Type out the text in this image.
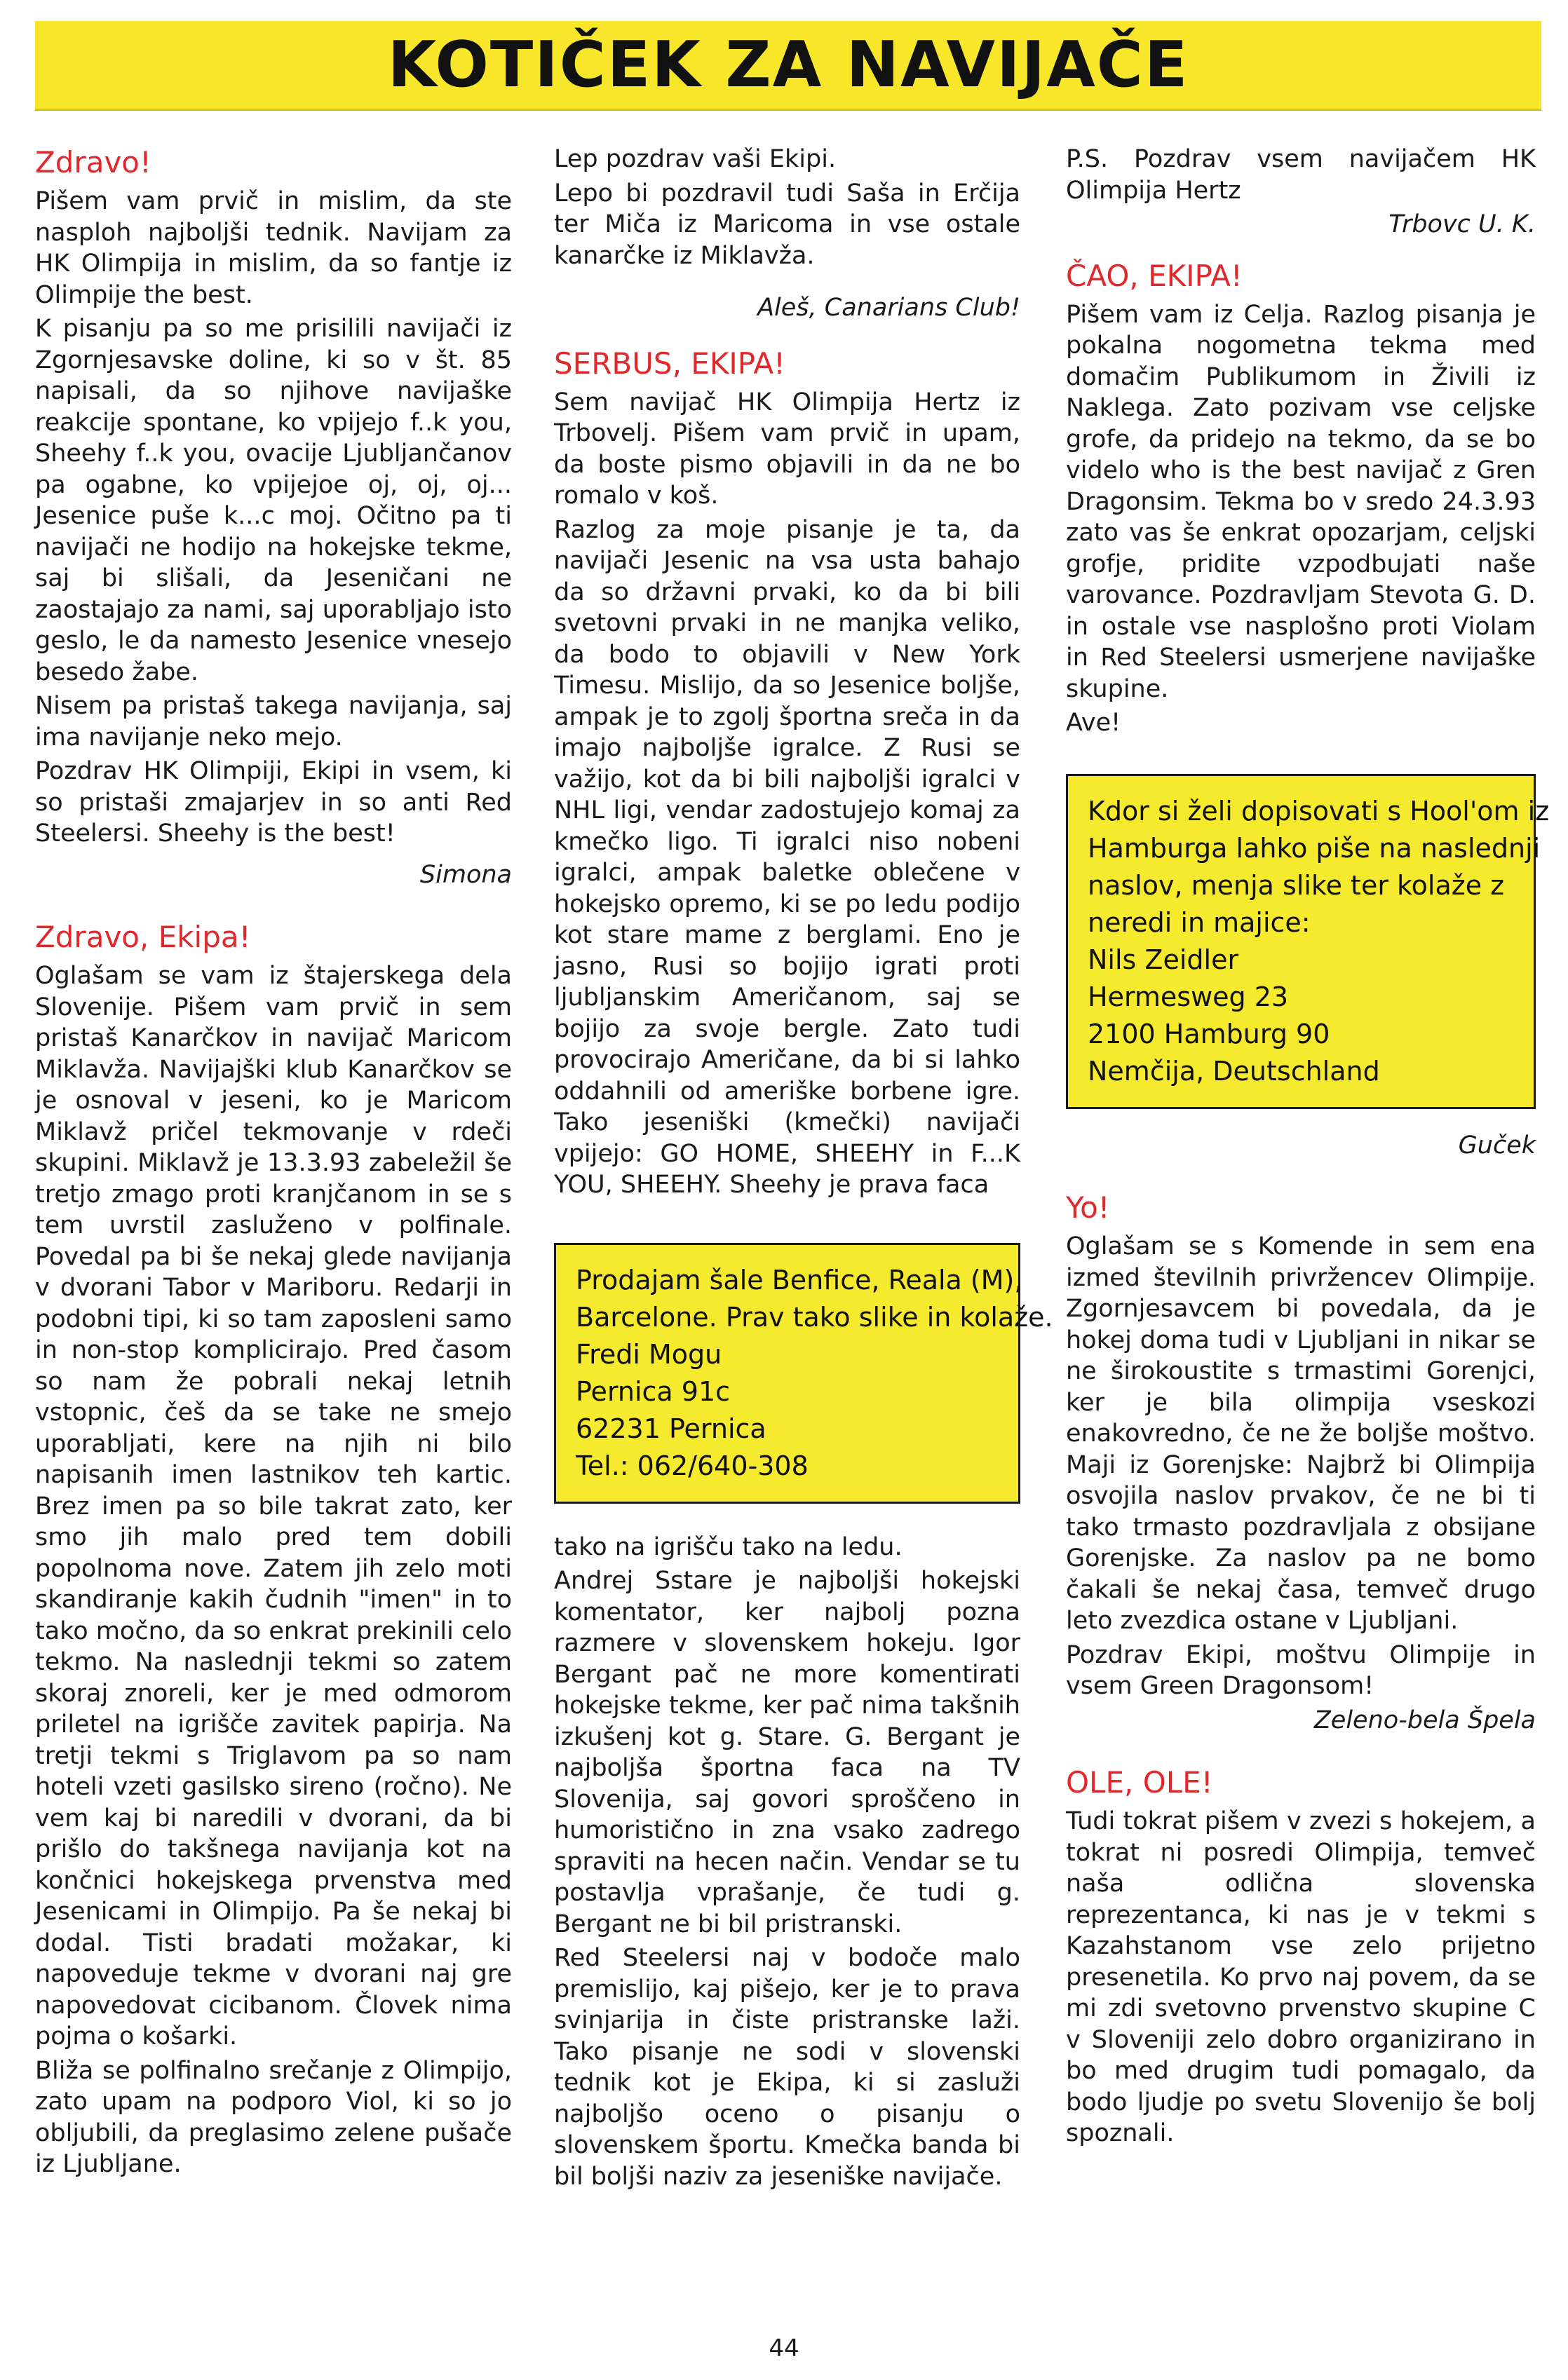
KOTIČEK ZA NAVIJAČE
Zdravo!

Pišem vam prvič in mislim, da ste nasploh najboljši tednik. Navijam za HK Olimpija in mislim, da so fantje iz Olimpije the best.

K pisanju pa so me prisilili navijači iz Zgornjesavske doline, ki so v št. 85 napisali, da so njihove navijaške reakcije spontane, ko vpijejo f..k you, Sheehy f..k you, ovacije Ljubljančanov pa ogabne, ko vpijejoe oj, oj, oj... Jesenice puše k...c moj. Očitno pa ti navijači ne hodijo na hokejske tekme, saj bi slišali, da Jeseničani ne zaostajajo za nami, saj uporabljajo isto geslo, le da namesto Jesenice vnesejo besedo žabe.

Nisem pa pristaš takega navijanja, saj ima navijanje neko mejo.

Pozdrav HK Olimpiji, Ekipi in vsem, ki so pristaši zmajarjev in so anti Red Steelersi. Sheehy is the best!

Simona

Zdravo, Ekipa!

Oglašam se vam iz štajerskega dela Slovenije. Pišem vam prvič in sem pristaš Kanarčkov in navijač Maricom Miklavža. Navijajški klub Kanarčkov se je osnoval v jeseni, ko je Maricom Miklavž pričel tekmovanje v rdeči skupini. Miklavž je 13.3.93 zabeležil še tretjo zmago proti kranjčanom in se s tem uvrstil zasluženo v polfinale. Povedal pa bi še nekaj glede navijanja v dvorani Tabor v Mariboru. Redarji in podobni tipi, ki so tam zaposleni samo in non-stop komplicirajo. Pred časom so nam že pobrali nekaj letnih vstopnic, češ da se take ne smejo uporabljati, kere na njih ni bilo napisanih imen lastnikov teh kartic. Brez imen pa so bile takrat zato, ker smo jih malo pred tem dobili popolnoma nove. Zatem jih zelo moti skandiranje kakih čudnih "imen" in to tako močno, da so enkrat prekinili celo tekmo. Na naslednji tekmi so zatem skoraj znoreli, ker je med odmorom priletel na igrišče zavitek papirja. Na tretji tekmi s Triglavom pa so nam hoteli vzeti gasilsko sireno (ročno). Ne vem kaj bi naredili v dvorani, da bi prišlo do takšnega navijanja kot na končnici hokejskega prvenstva med Jesenicami in Olimpijo. Pa še nekaj bi dodal. Tisti bradati možakar, ki napoveduje tekme v dvorani naj gre napovedovat cicibanom. Človek nima pojma o košarki.

Bliža se polfinalno srečanje z Olimpijo, zato upam na podporo Viol, ki so jo obljubili, da preglasimo zelene pušače iz Ljubljane.

Lep pozdrav vaši Ekipi.

Lepo bi pozdravil tudi Saša in Erčija ter Miča iz Maricoma in vse ostale kanarčke iz Miklavža.

Aleš, Canarians Club!

SERBUS, EKIPA!

Sem navijač HK Olimpija Hertz iz Trbovelj. Pišem vam prvič in upam, da boste pismo objavili in da ne bo romalo v koš.

Razlog za moje pisanje je ta, da navijači Jesenic na vsa usta bahajo da so državni prvaki, ko da bi bili svetovni prvaki in ne manjka veliko, da bodo to objavili v New York Timesu. Mislijo, da so Jesenice boljše, ampak je to zgolj športna sreča in da imajo najboljše igralce. Z Rusi se važijo, kot da bi bili najboljši igralci v NHL ligi, vendar zadostujejo komaj za kmečko ligo. Ti igralci niso nobeni igralci, ampak baletke oblečene v hokejsko opremo, ki se po ledu podijo kot stare mame z berglami. Eno je jasno, Rusi so bojijo igrati proti ljubljanskim Američanom, saj se bojijo za svoje bergle. Zato tudi provocirajo Američane, da bi si lahko oddahnili od ameriške borbene igre. Tako jeseniški (kmečki) navijači vpijejo: GO HOME, SHEEHY in F...K YOU, SHEEHY. Sheehy je prava faca

Prodajam šale Benfice, Reala (M),
Barcelone. Prav tako slike in kolaže.
Fredi Mogu
Pernica 91c
62231 Pernica
Tel.: 062/640-308

tako na igrišču tako na ledu.

Andrej Sstare je najboljši hokejski komentator, ker najbolj pozna razmere v slovenskem hokeju. Igor Bergant pač ne more komentirati hokejske tekme, ker pač nima takšnih izkušenj kot g. Stare. G. Bergant je najboljša športna faca na TV Slovenija, saj govori sproščeno in humoristično in zna vsako zadrego spraviti na hecen način. Vendar se tu postavlja vprašanje, če tudi g. Bergant ne bi bil pristranski.

Red Steelersi naj v bodoče malo premislijo, kaj pišejo, ker je to prava svinjarija in čiste pristranske laži. Tako pisanje ne sodi v slovenski tednik kot je Ekipa, ki si zasluži najboljšo oceno o pisanju o slovenskem športu. Kmečka banda bi bil boljši naziv za jeseniške navijače.

P.S. Pozdrav vsem navijačem HK Olimpija Hertz

Trbovc U. K.

ČAO, EKIPA!

Pišem vam iz Celja. Razlog pisanja je pokalna nogometna tekma med domačim Publikumom in Živili iz Naklega. Zato pozivam vse celjske grofe, da pridejo na tekmo, da se bo videlo who is the best navijač z Gren Dragonsim. Tekma bo v sredo 24.3.93 zato vas še enkrat opozarjam, celjski grofje, pridite vzpodbujati naše varovance. Pozdravljam Stevota G. D. in ostale vse nasplošno proti Violam in Red Steelersi usmerjene navijaške skupine.

Ave!

Kdor si želi dopisovati s Hool'om iz
Hamburga lahko piše na naslednji
naslov, menja slike ter kolaže z
neredi in majice:
Nils Zeidler
Hermesweg 23
2100 Hamburg 90
Nemčija, Deutschland

Guček

Yo!

Oglašam se s Komende in sem ena izmed številnih privržencev Olimpije. Zgornjesavcem bi povedala, da je hokej doma tudi v Ljubljani in nikar se ne širokoustite s trmastimi Gorenjci, ker je bila olimpija vseskozi enakovredno, če ne že boljše moštvo. Maji iz Gorenjske: Najbrž bi Olimpija osvojila naslov prvakov, če ne bi ti tako trmasto pozdravljala z obsijane Gorenjske. Za naslov pa ne bomo čakali še nekaj časa, temveč drugo leto zvezdica ostane v Ljubljani.

Pozdrav Ekipi, moštvu Olimpije in vsem Green Dragonsom!

Zeleno-bela Špela

OLE, OLE!

Tudi tokrat pišem v zvezi s hokejem, a tokrat ni posredi Olimpija, temveč naša odlična slovenska reprezentanca, ki nas je v tekmi s Kazahstanom vse zelo prijetno presenetila. Ko prvo naj povem, da se mi zdi svetovno prvenstvo skupine C v Sloveniji zelo dobro organizirano in bo med drugim tudi pomagalo, da bodo ljudje po svetu Slovenijo še bolj spoznali.

44
